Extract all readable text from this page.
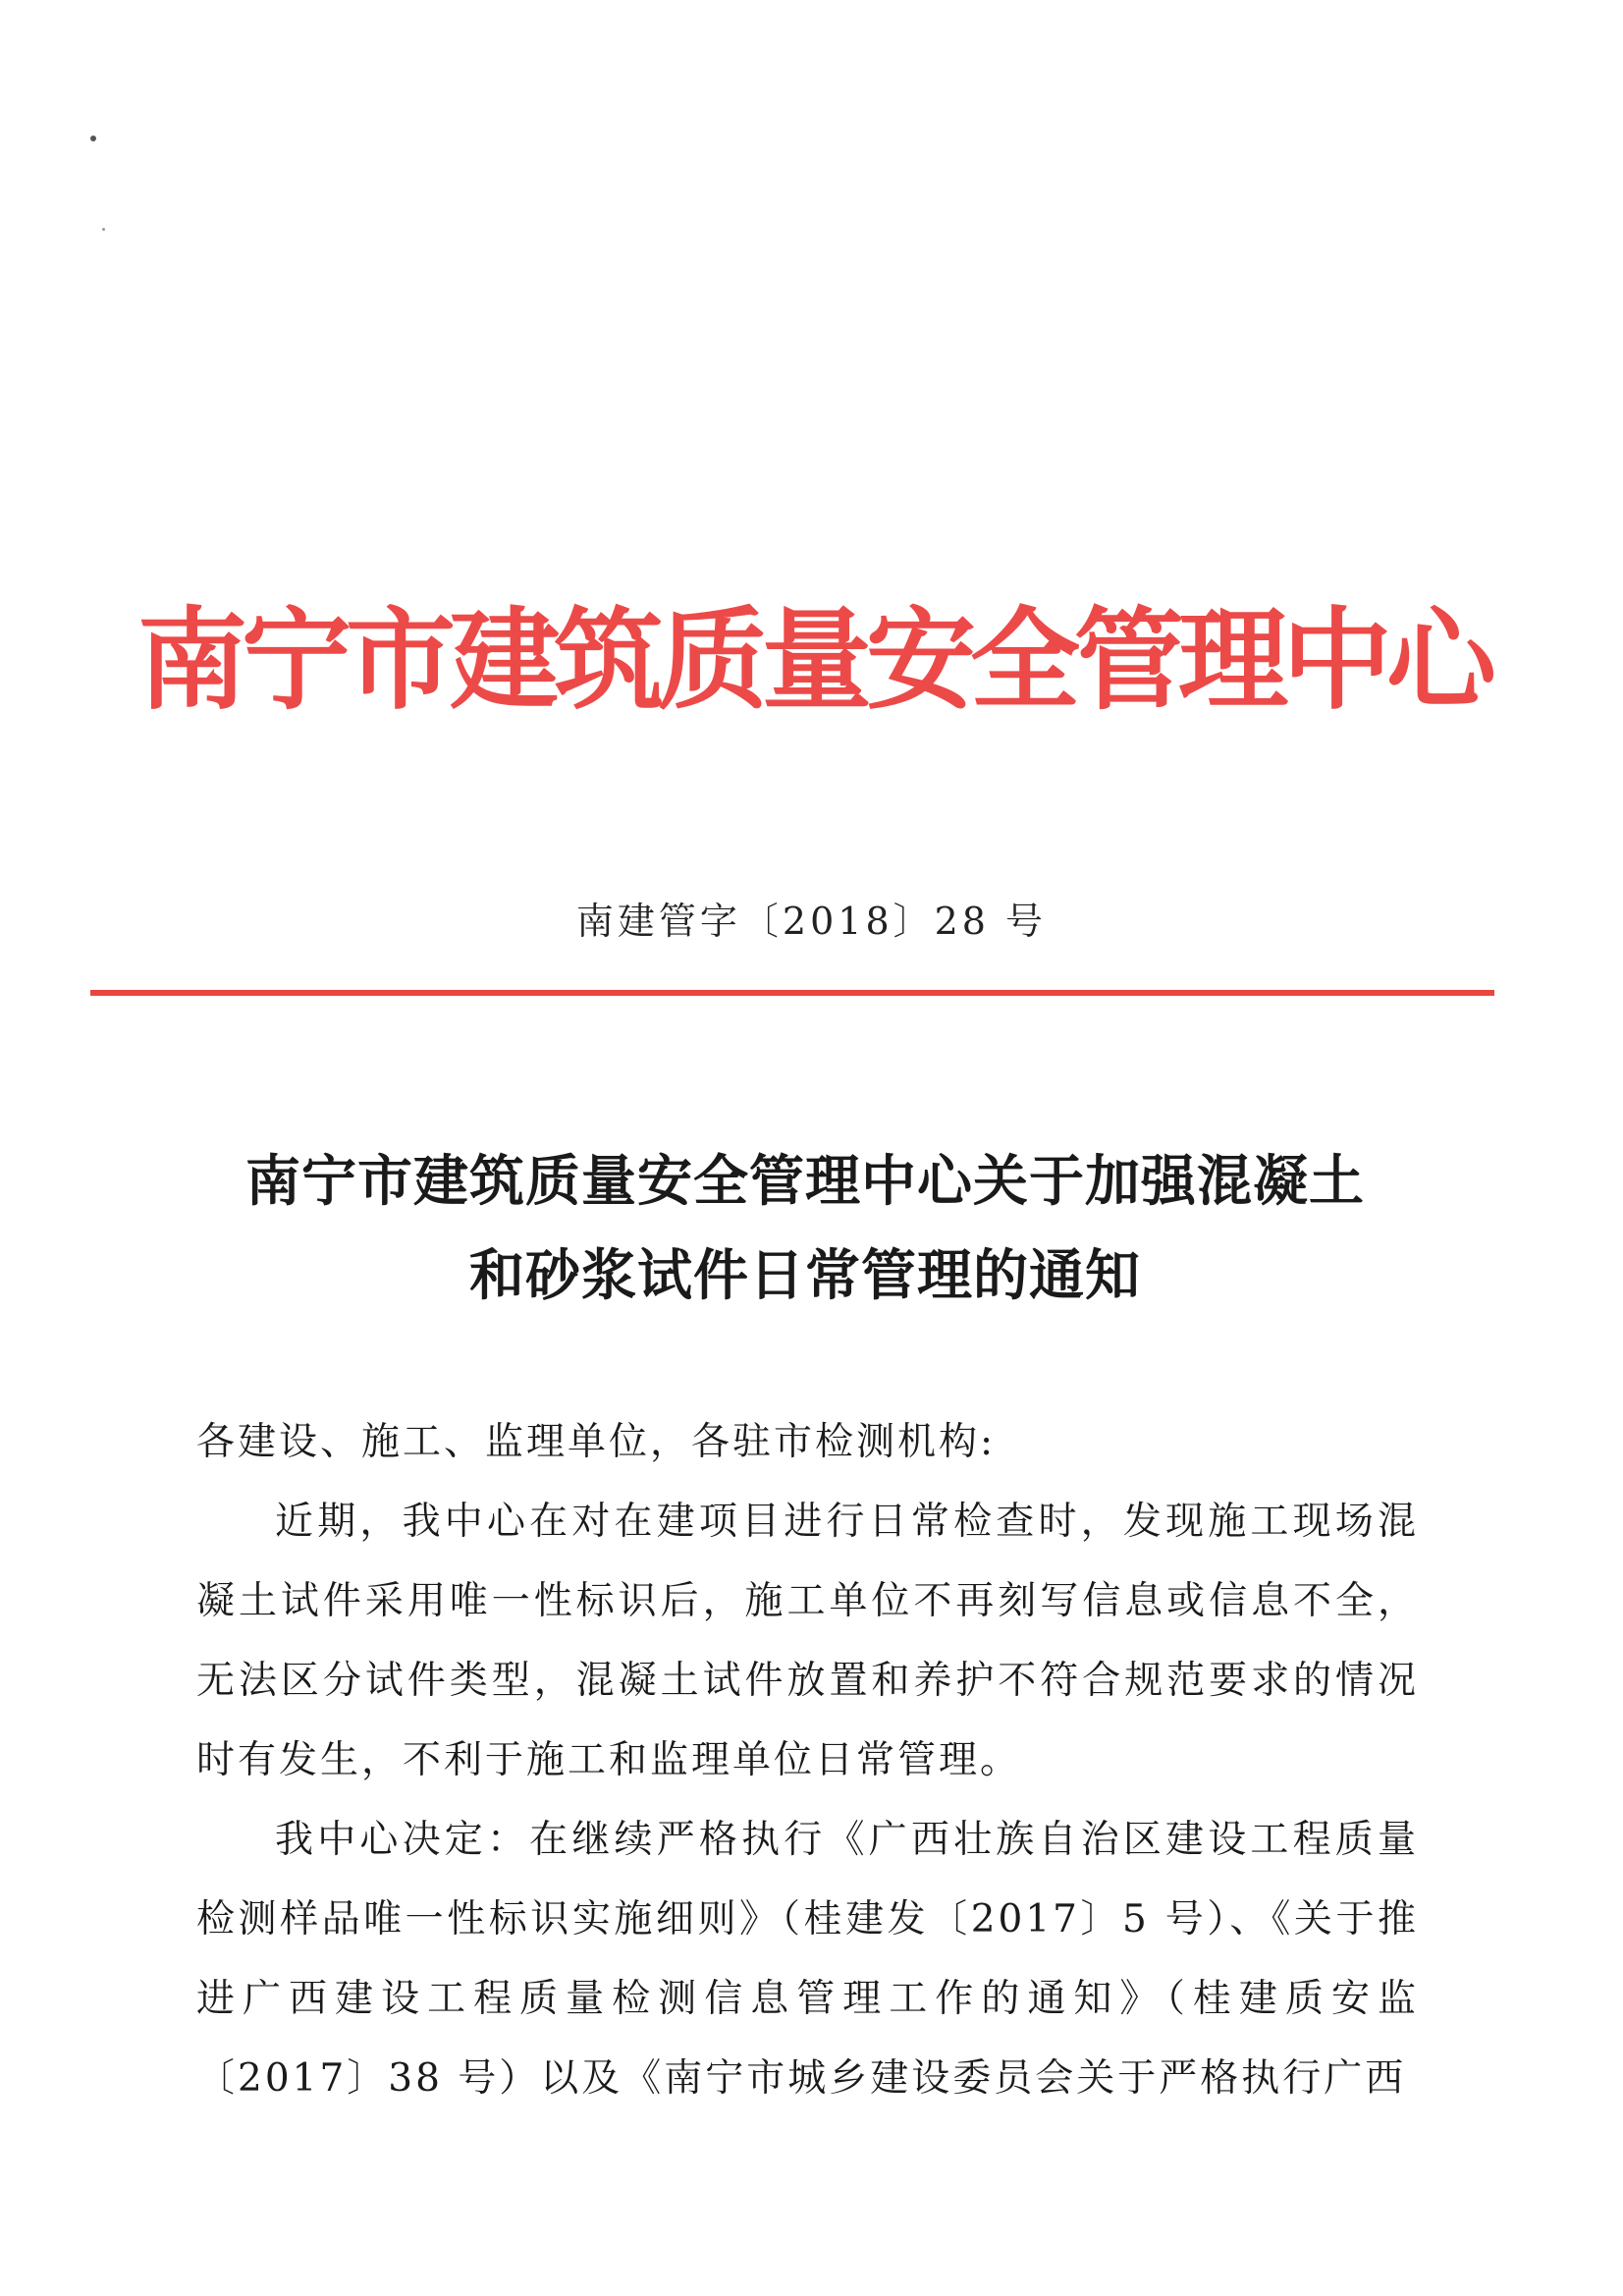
南宁市建筑质量安全管理中心
南建管字〔2018〕28 号
南宁市建筑质量安全管理中心关于加强混凝土
和砂浆试件日常管理的通知

各建设、施工、监理单位，各驻市检测机构:

近期，我中心在对在建项目进行日常检查时，发现施工现场混凝土试件采用唯一性标识后，施工单位不再刻写信息或信息不全，无法区分试件类型，混凝土试件放置和养护不符合规范要求的情况时有发生，不利于施工和监理单位日常管理。

我中心决定：在继续严格执行《广西壮族自治区建设工程质量检测样品唯一性标识实施细则》（桂建发〔2017〕5 号）、《关于推进广西建设工程质量检测信息管理工作的通知》（桂建质安监〔2017〕38 号）以及《南宁市城乡建设委员会关于严格执行广西
